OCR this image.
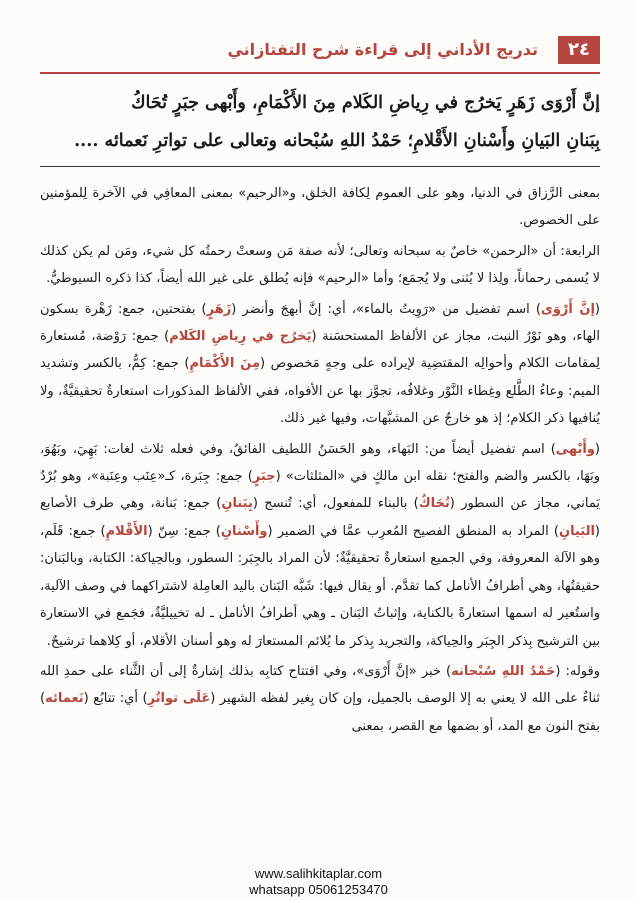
٢٤
تدريج الأداني إلى قراءة شرح التفتازاني
إنَّ أَرْوَى زَهَرٍ يَخرُج في رِياضِ الكَلام مِنَ الأَكْمَامِ، وأَبْهى جبَرٍ تُحَاكُ
بِبَنانِ البَيانِ وأَسْنانِ الأَقْلامِ؛ حَمْدُ اللهِ سُبْحانه وتعالى على تواترِ نَعمائه ....

بمعنى الرَّزاق في الدنيا، وهو على العموم لِكافة الخلق، و«الرحيم» بمعنى المعافِي في الآخرة لِلمؤمنين على الخصوص.

الرابعة: أن «الرحمن» خاصٌ به سبحانه وتعالى؛ لأنه صفة مَن وسعتْ رحمتُه كل شيء، ومَن لم يكن كذلك لا يُسمى رحماناً، ولِذا لا يُثنى ولا يُجمَع؛ وأما «الرحيم» فإنه يُطلق على غير الله أيضاً، كذا ذكره السيوطيُّ.

(إنَّ أَرْوَى) اسم تفضيل من «رَوِيتُ بالماء»، أي: إنَّ أبهجَ وأنضر (زَهَرٍ) بفتحتين، جمع: زَهْرة بسكون الهاء، وهو نَوْرُ النبت، مجاز عن الألفاظ المستحسَنة (يَخرُج في رِياضِ الكَلام) جمع: رَوْضة، مُستعارة لِمقامات الكلام وأحوالِه المقتضِية لإيراده على وجهٍ مَخصوص (مِنَ الأَكْمَامِ) جمع: كِمٌّ، بالكسر وتشديد الميم: وعاءُ الطَّلع وغِطاء النَّوْر وغلافُه، تجوَّز بها عن الأفواه، ففي الألفاظ المذكورات استعارةٌ تحقيقيَّةٌ، ولا يُنافيها ذكر الكلام؛ إذ هو خارجٌ عن المشبَّهات، وفيها غير ذلك.

(وأَبْهى) اسم تفضيل أيضاً من: البَهاء، وهو الحَسَنُ اللطيف الفائقُ، وفي فعله ثلاث لغات: بَهِيَ، وبَهُوَ، وبَهَا، بالكسر والضم والفتح؛ نقله ابن مالكٍ في «المثلثات» (جبَرٍ) جمع: جِبَرة، كـ«عِنَب وعِنَبة»، وهو بُرْدٌ يَماني، مجاز عن السطور (تُحَاكُ) بالبناء للمفعول، أي: تُنسج (بِبَنانِ) جمع: بَنانة، وهي طرف الأصابع (البَيانِ) المراد به المنطق الفصيح المُعرِب عمَّا في الضمير (وأَسْنانِ) جمع: سِنّ (الأَقْلامِ) جمع: قَلَم، وهو الآلة المعروفة، وفي الجميع استعارةٌ تحقيقيَّةٌ؛ لأن المراد بالجِبَر: السطور، وبالحِياكة: الكتابة، وبالبَنان: حقيقتُها، وهي أطرافُ الأنامل كما تقدَّم. أو يقال فيها: شَبَّه البَنان باليد العامِلة لاشتراكهما في وصف الآلية، واستُعير له اسمها استعارةً بالكناية، وإثباتُ البَنان ـ وهي أطرافُ الأنامل ـ له تخييليَّةٌ، فجَمع في الاستعارة بين الترشيح بِذكر الجِبَر والحِياكة، والتجريد بِذكر ما يُلائم المستعارَ له وهو أسنان الأقلام، أو كِلاهما ترشيحٌ.

وقوله: (حَمْدُ اللهِ سُبْحانه) خبر «إنَّ أَرْوَى»، وفي افتتاح كتابِه بذلك إشارةٌ إلى أن الثَّناء على حمدِ الله ثناءٌ على الله لا يعني به إلا الوصف بالجميل، وإن كان بِغير لفظه الشهير (عَلَى تواتُرِ) أي: تتابُع (نَعمائه) بفتح النون مع المد، أو بضمها مع القصر، بمعنى

www.salihkitaplar.com
whatsapp 05061253470
